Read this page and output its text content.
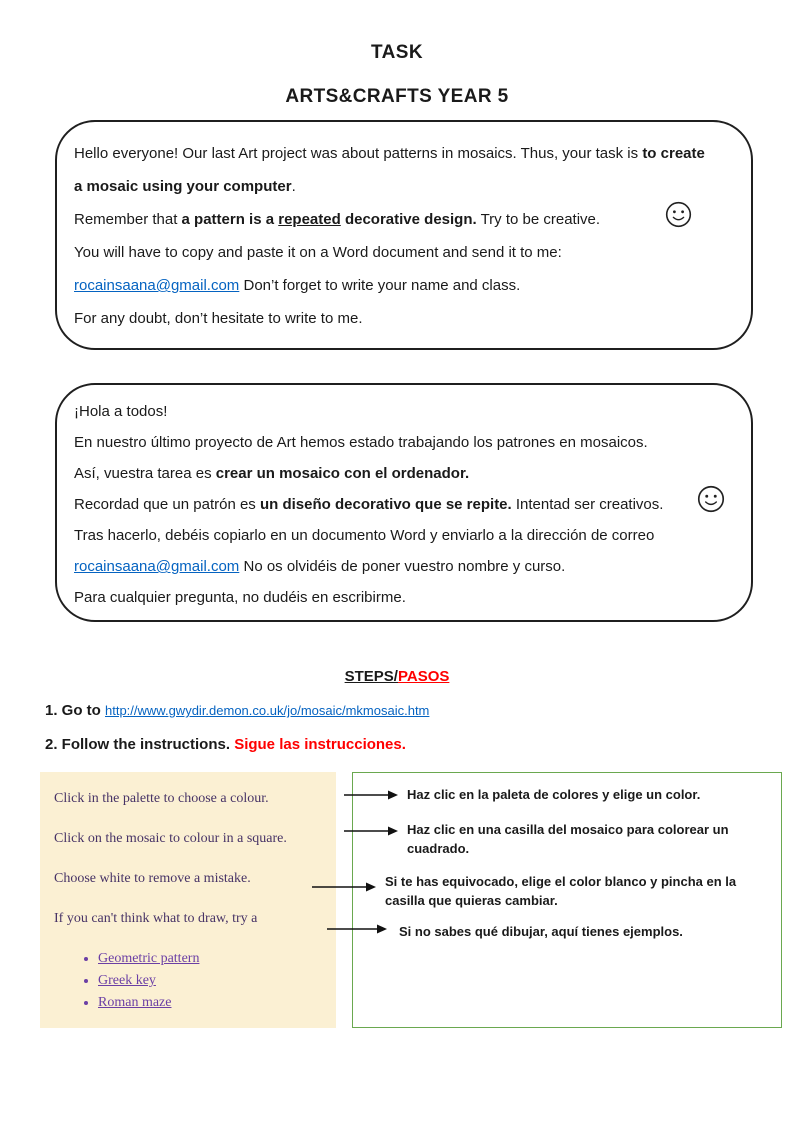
TASK
ARTS&CRAFTS YEAR 5

Hello everyone! Our last Art project was about patterns in mosaics. Thus, your task is to create a mosaic using your computer.

Remember that a pattern is a repeated decorative design. Try to be creative.

You will have to copy and paste it on a Word document and send it to me: rocainsaana@gmail.com Don’t forget to write your name and class.

For any doubt, don’t hesitate to write to me.

¡Hola a todos!

En nuestro último proyecto de Art hemos estado trabajando los patrones en mosaicos.

Así, vuestra tarea es crear un mosaico con el ordenador.

Recordad que un patrón es un diseño decorativo que se repite. Intentad ser creativos.

Tras hacerlo, debéis copiarlo en un documento Word y enviarlo a la dirección de correo rocainsaana@gmail.com No os olvidéis de poner vuestro nombre y curso.

Para cualquier pregunta, no dudéis en escribirme.

STEPS/PASOS
1. Go to http://www.gwydir.demon.co.uk/jo/mosaic/mkmosaic.htm
2. Follow the instructions. Sigue las instrucciones.

Click in the palette to choose a colour.

Click on the mosaic to colour in a square.

Choose white to remove a mistake.

If you can't think what to draw, try a

• Geometric pattern
• Greek key
• Roman maze

Haz clic en la paleta de colores y elige un color.

Haz clic en una casilla del mosaico para colorear un cuadrado.

Si te has equivocado, elige el color blanco y pincha en la casilla que quieras cambiar.

Si no sabes qué dibujar, aquí tienes ejemplos.
